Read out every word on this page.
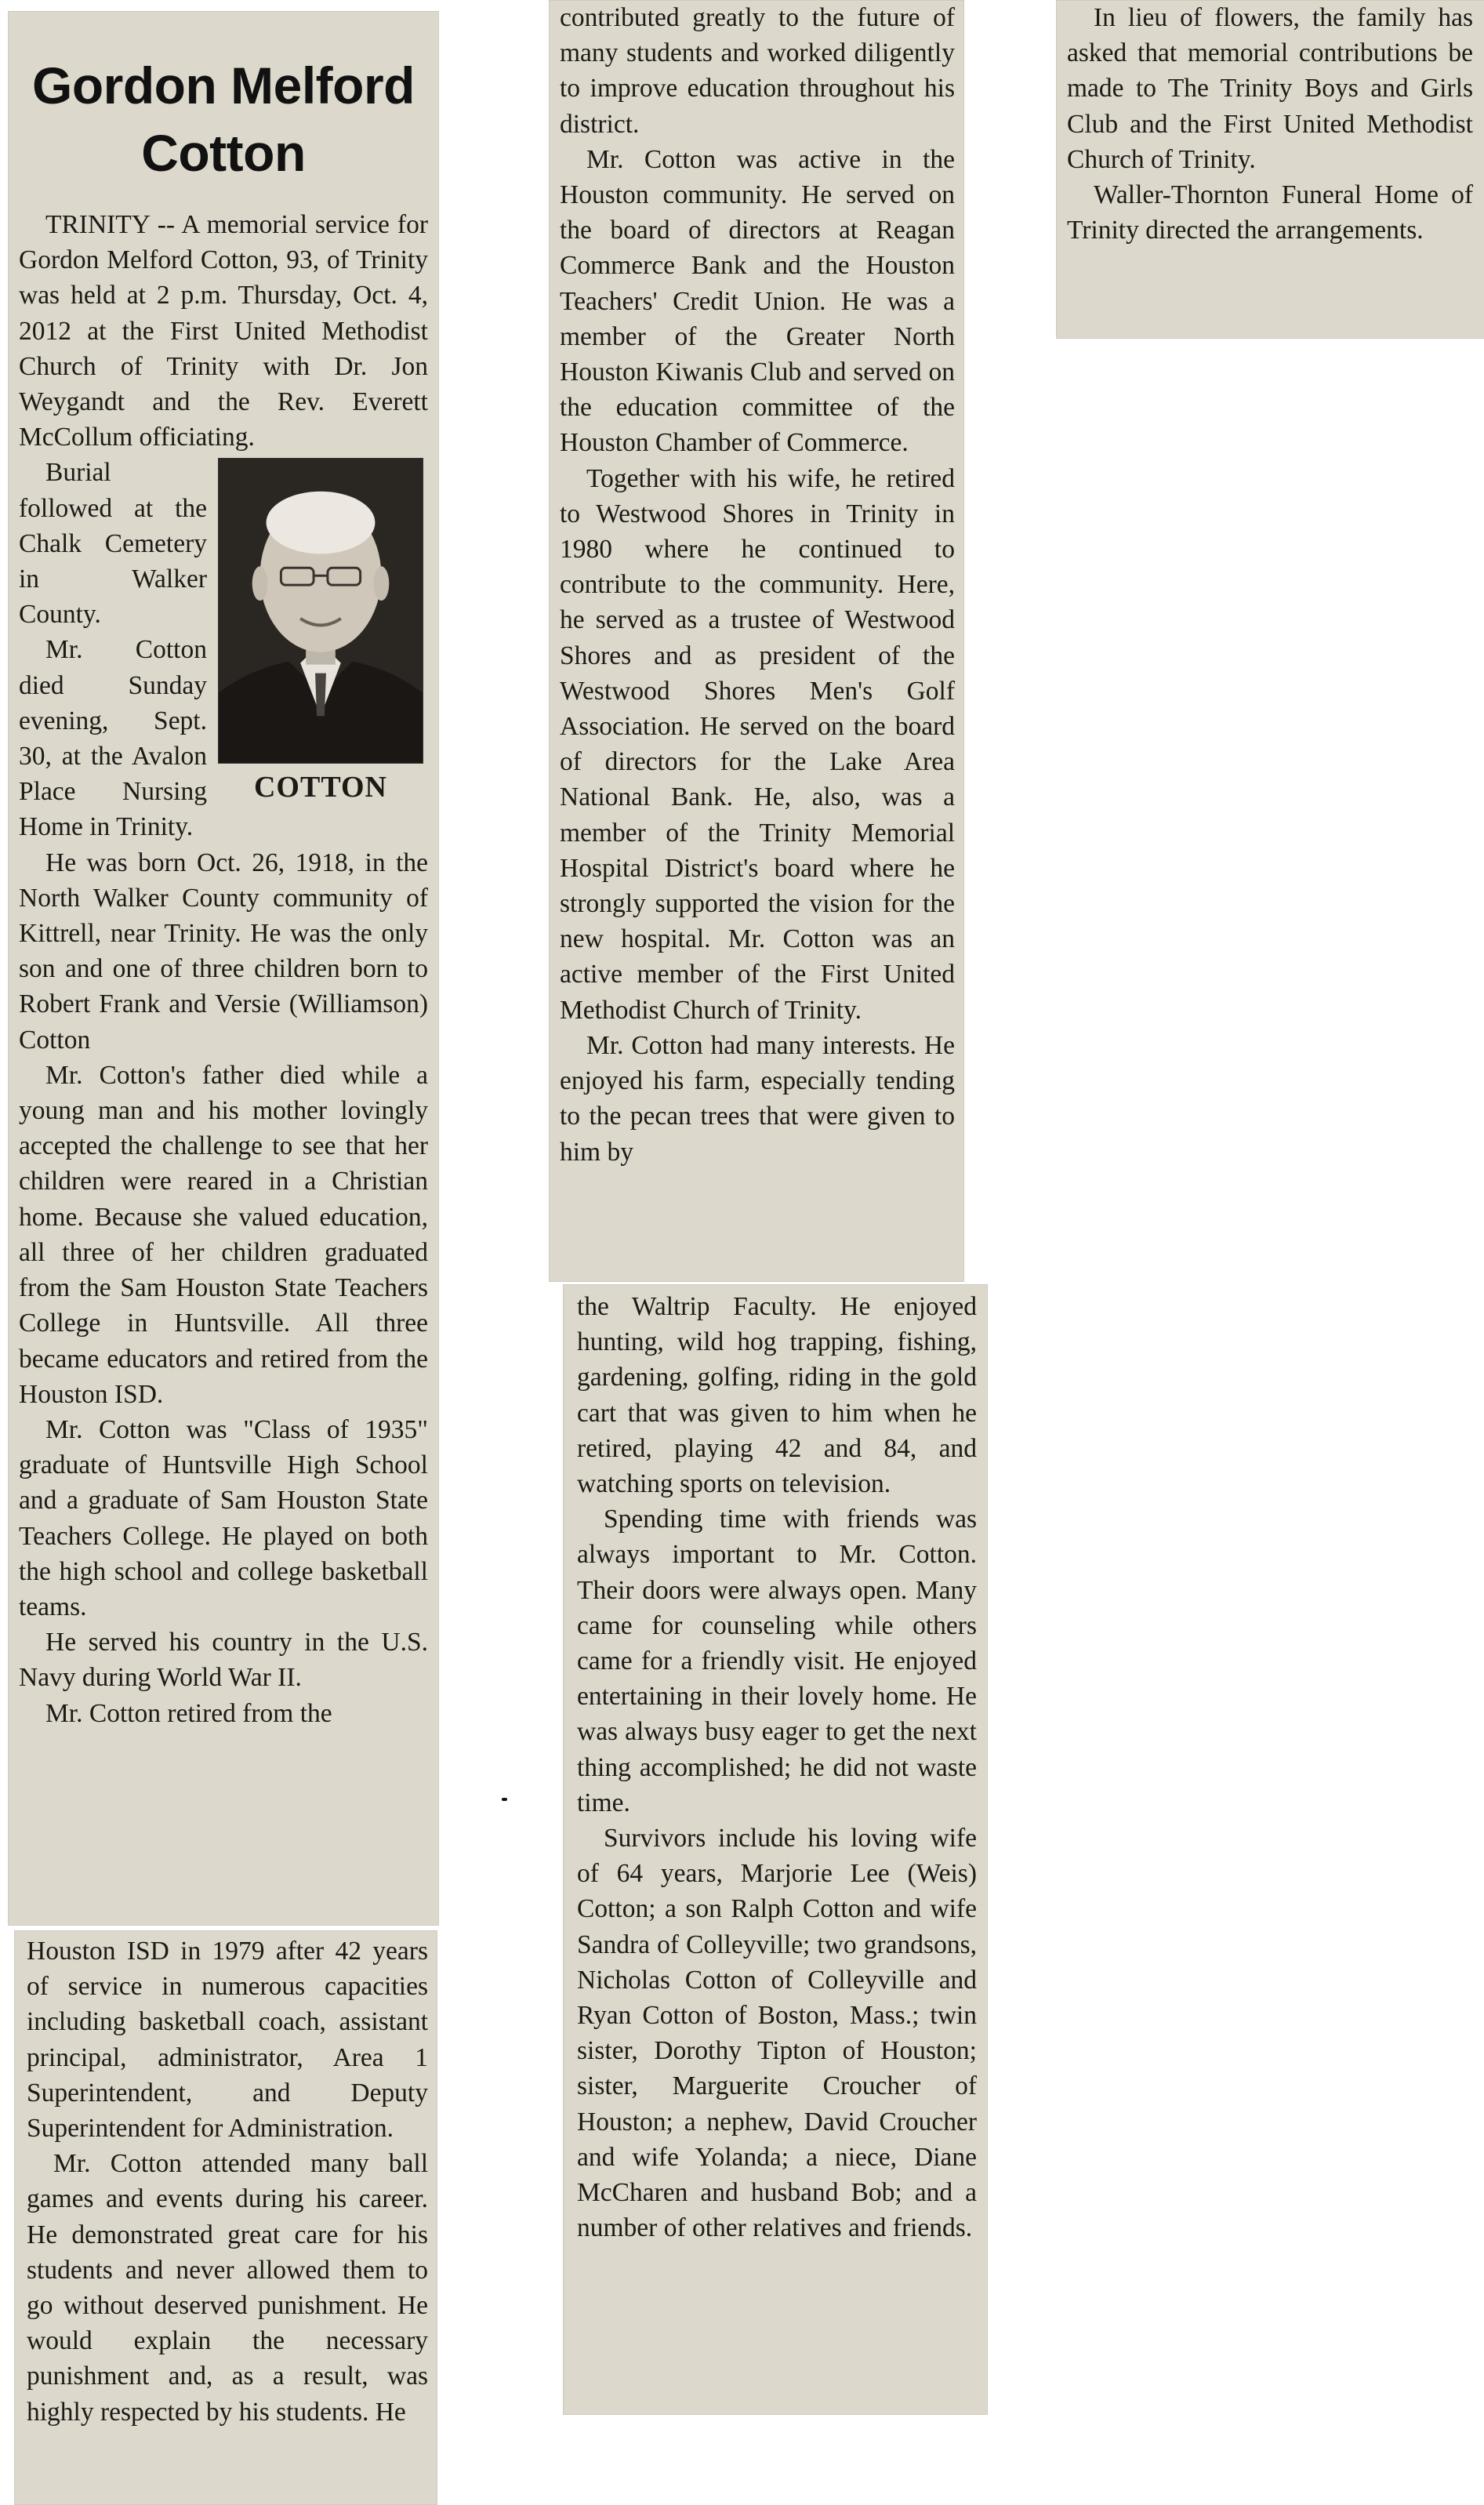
Gordon Melford Cotton

TRINITY -- A memorial service for Gordon Melford Cotton, 93, of Trinity was held at 2 p.m. Thursday, Oct. 4, 2012 at the First United Methodist Church of Trinity with Dr. Jon Weygandt and the Rev. Everett McCollum officiating.

COTTON

Burial followed at the Chalk Cemetery in Walker County.

Mr. Cotton died Sunday evening, Sept. 30, at the Avalon Place Nursing Home in Trinity.

He was born Oct. 26, 1918, in the North Walker County community of Kittrell, near Trinity. He was the only son and one of three children born to Robert Frank and Versie (Williamson) Cotton

Mr. Cotton's father died while a young man and his mother lovingly accepted the challenge to see that her children were reared in a Christian home. Because she valued education, all three of her children graduated from the Sam Houston State Teachers College in Huntsville. All three became educators and retired from the Houston ISD.

Mr. Cotton was "Class of 1935" graduate of Huntsville High School and a graduate of Sam Houston State Teachers College. He played on both the high school and college basketball teams.

He served his country in the U.S. Navy during World War II.

Mr. Cotton retired from the

Houston ISD in 1979 after 42 years of service in numerous capacities including basketball coach, assistant principal, administrator, Area 1 Superintendent, and Deputy Superintendent for Administration.

Mr. Cotton attended many ball games and events during his career. He demonstrated great care for his students and never allowed them to go without deserved punishment. He would explain the necessary punishment and, as a result, was highly respected by his students. He

contributed greatly to the future of many students and worked diligently to improve education throughout his district.

Mr. Cotton was active in the Houston community. He served on the board of directors at Reagan Commerce Bank and the Houston Teachers' Credit Union. He was a member of the Greater North Houston Kiwanis Club and served on the education committee of the Houston Chamber of Commerce.

Together with his wife, he retired to Westwood Shores in Trinity in 1980 where he continued to contribute to the community. Here, he served as a trustee of Westwood Shores and as president of the Westwood Shores Men's Golf Association. He served on the board of directors for the Lake Area National Bank. He, also, was a member of the Trinity Memorial Hospital District's board where he strongly supported the vision for the new hospital. Mr. Cotton was an active member of the First United Methodist Church of Trinity.

Mr. Cotton had many interests. He enjoyed his farm, especially tending to the pecan trees that were given to him by

the Waltrip Faculty. He enjoyed hunting, wild hog trapping, fishing, gardening, golfing, riding in the gold cart that was given to him when he retired, playing 42 and 84, and watching sports on television.

Spending time with friends was always important to Mr. Cotton. Their doors were always open. Many came for counseling while others came for a friendly visit. He enjoyed entertaining in their lovely home. He was always busy eager to get the next thing accomplished; he did not waste time.

Survivors include his loving wife of 64 years, Marjorie Lee (Weis) Cotton; a son Ralph Cotton and wife Sandra of Colleyville; two grandsons, Nicholas Cotton of Colleyville and Ryan Cotton of Boston, Mass.; twin sister, Dorothy Tipton of Houston; sister, Marguerite Croucher of Houston; a nephew, David Croucher and wife Yolanda; a niece, Diane McCharen and husband Bob; and a number of other relatives and friends.

In lieu of flowers, the family has asked that memorial contributions be made to The Trinity Boys and Girls Club and the First United Methodist Church of Trinity.

Waller-Thornton Funeral Home of Trinity directed the arrangements.
